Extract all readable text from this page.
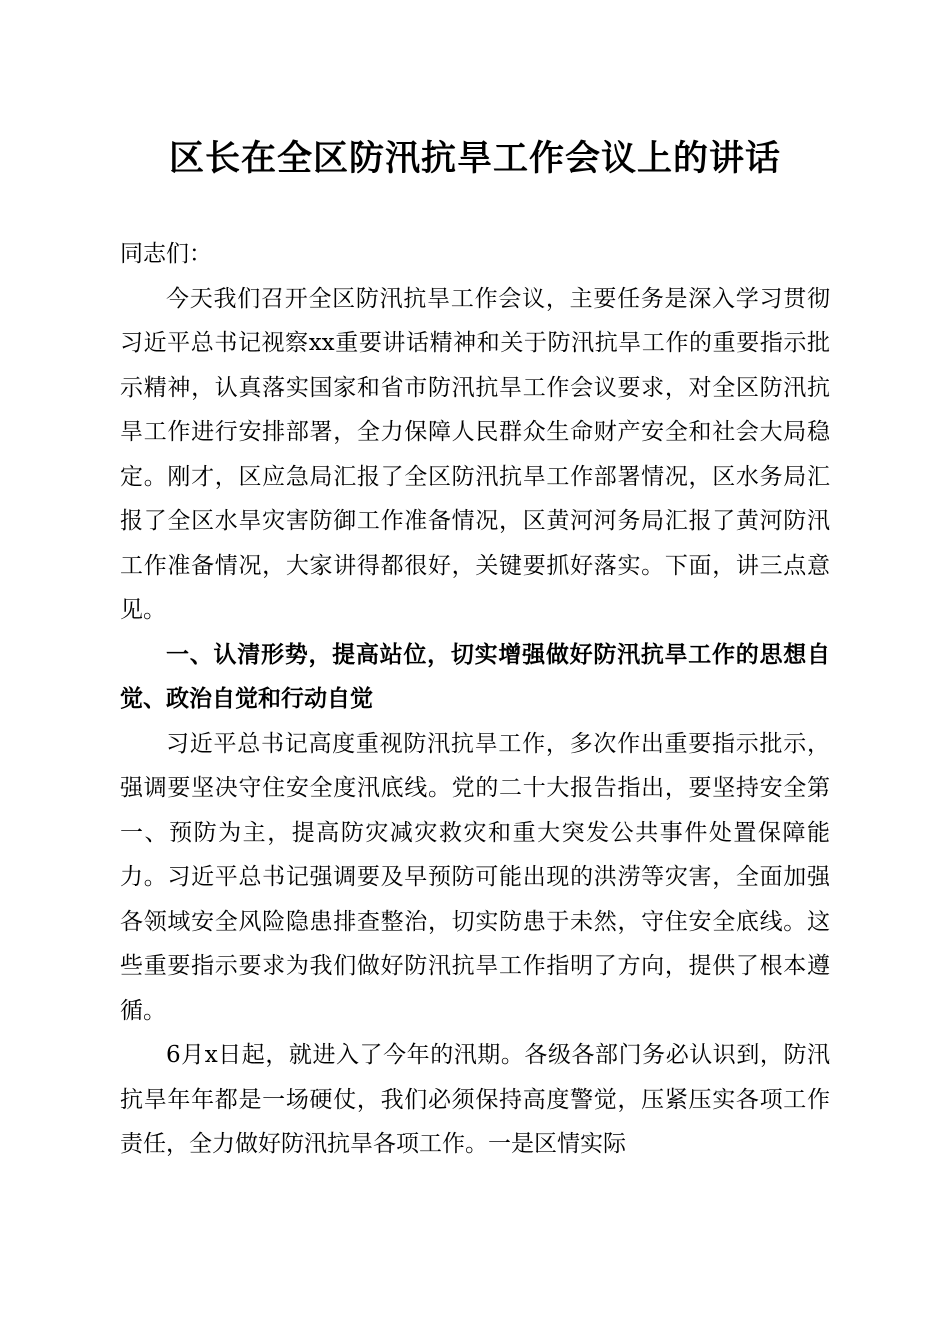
区长在全区防汛抗旱工作会议上的讲话

同志们：

今天我们召开全区防汛抗旱工作会议，主要任务是深入学习贯彻习近平总书记视察xx重要讲话精神和关于防汛抗旱工作的重要指示批示精神，认真落实国家和省市防汛抗旱工作会议要求，对全区防汛抗旱工作进行安排部署，全力保障人民群众生命财产安全和社会大局稳定。刚才，区应急局汇报了全区防汛抗旱工作部署情况，区水务局汇报了全区水旱灾害防御工作准备情况，区黄河河务局汇报了黄河防汛工作准备情况，大家讲得都很好，关键要抓好落实。下面，讲三点意见。

一、认清形势，提高站位，切实增强做好防汛抗旱工作的思想自觉、政治自觉和行动自觉

习近平总书记高度重视防汛抗旱工作，多次作出重要指示批示，强调要坚决守住安全度汛底线。党的二十大报告指出，要坚持安全第一、预防为主，提高防灾减灾救灾和重大突发公共事件处置保障能力。习近平总书记强调要及早预防可能出现的洪涝等灾害，全面加强各领域安全风险隐患排查整治，切实防患于未然，守住安全底线。这些重要指示要求为我们做好防汛抗旱工作指明了方向，提供了根本遵循。

6月x日起，就进入了今年的汛期。各级各部门务必认识到，防汛抗旱年年都是一场硬仗，我们必须保持高度警觉，压紧压实各项工作责任，全力做好防汛抗旱各项工作。一是区情实际
